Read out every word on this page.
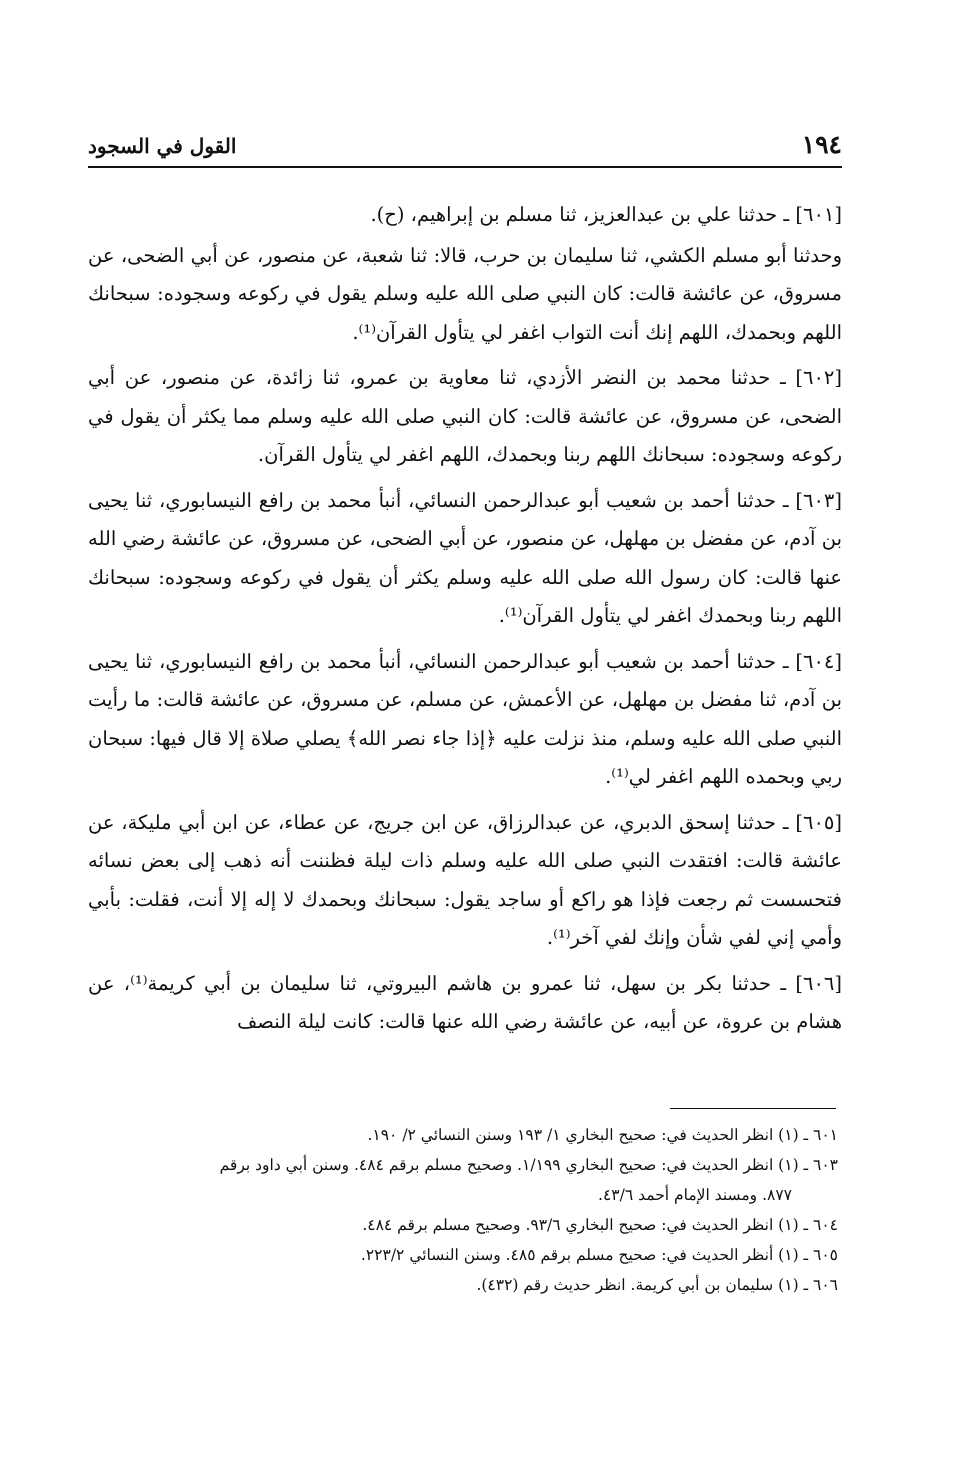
١٩٤
القول في السجود

[٦٠١] ـ حدثنا علي بن عبدالعزيز، ثنا مسلم بن إبراهيم، (ح).

وحدثنا أبو مسلم الكشي، ثنا سليمان بن حرب، قالا: ثنا شعبة، عن منصور، عن أبي الضحى، عن مسروق، عن عائشة قالت: كان النبي صلى الله عليه وسلم يقول في ركوعه وسجوده: سبحانك اللهم وبحمدك، اللهم إنك أنت التواب اغفر لي يتأول القرآن⁽¹⁾.

[٦٠٢] ـ حدثنا محمد بن النضر الأزدي، ثنا معاوية بن عمرو، ثنا زائدة، عن منصور، عن أبي الضحى، عن مسروق، عن عائشة قالت: كان النبي صلى الله عليه وسلم مما يكثر أن يقول في ركوعه وسجوده: سبحانك اللهم ربنا وبحمدك، اللهم اغفر لي يتأول القرآن.

[٦٠٣] ـ حدثنا أحمد بن شعيب أبو عبدالرحمن النسائي، أنبأ محمد بن رافع النيسابوري، ثنا يحيى بن آدم، عن مفضل بن مهلهل، عن منصور، عن أبي الضحى، عن مسروق، عن عائشة رضي الله عنها قالت: كان رسول الله صلى الله عليه وسلم يكثر أن يقول في ركوعه وسجوده: سبحانك اللهم ربنا وبحمدك اغفر لي يتأول القرآن⁽¹⁾.

[٦٠٤] ـ حدثنا أحمد بن شعيب أبو عبدالرحمن النسائي، أنبأ محمد بن رافع النيسابوري، ثنا يحيى بن آدم، ثنا مفضل بن مهلهل، عن الأعمش، عن مسلم، عن مسروق، عن عائشة قالت: ما رأيت النبي صلى الله عليه وسلم، منذ نزلت عليه ﴿إذا جاء نصر الله﴾ يصلي صلاة إلا قال فيها: سبحان ربي وبحمده اللهم اغفر لي⁽¹⁾.

[٦٠٥] ـ حدثنا إسحق الدبري، عن عبدالرزاق، عن ابن جريج، عن عطاء، عن ابن أبي مليكة، عن عائشة قالت: افتقدت النبي صلى الله عليه وسلم ذات ليلة فظننت أنه ذهب إلى بعض نسائه فتحسست ثم رجعت فإذا هو راكع أو ساجد يقول: سبحانك وبحمدك لا إله إلا أنت، فقلت: بأبي وأمي إني لفي شأن وإنك لفي آخر⁽¹⁾.

[٦٠٦] ـ حدثنا بكر بن سهل، ثنا عمرو بن هاشم البيروتي، ثنا سليمان بن أبي كريمة⁽¹⁾، عن هشام بن عروة، عن أبيه، عن عائشة رضي الله عنها قالت: كانت ليلة النصف

٦٠١ ـ (١) انظر الحديث في: صحيح البخاري ١/ ١٩٣ وسنن النسائي ٢/ ١٩٠.

٦٠٣ ـ (١) انظر الحديث في: صحيح البخاري ١/١٩٩. وصحيح مسلم برقم ٤٨٤. وسنن أبي داود برقم

٨٧٧. ومسند الإمام أحمد ٤٣/٦.

٦٠٤ ـ (١) انظر الحديث في: صحيح البخاري ٩٣/٦. وصحيح مسلم برقم ٤٨٤.

٦٠٥ ـ (١) أنظر الحديث في: صحيح مسلم برقم ٤٨٥. وسنن النسائي ٢٢٣/٢.

٦٠٦ ـ (١) سليمان بن أبي كريمة. انظر حديث رقم (٤٣٢).
